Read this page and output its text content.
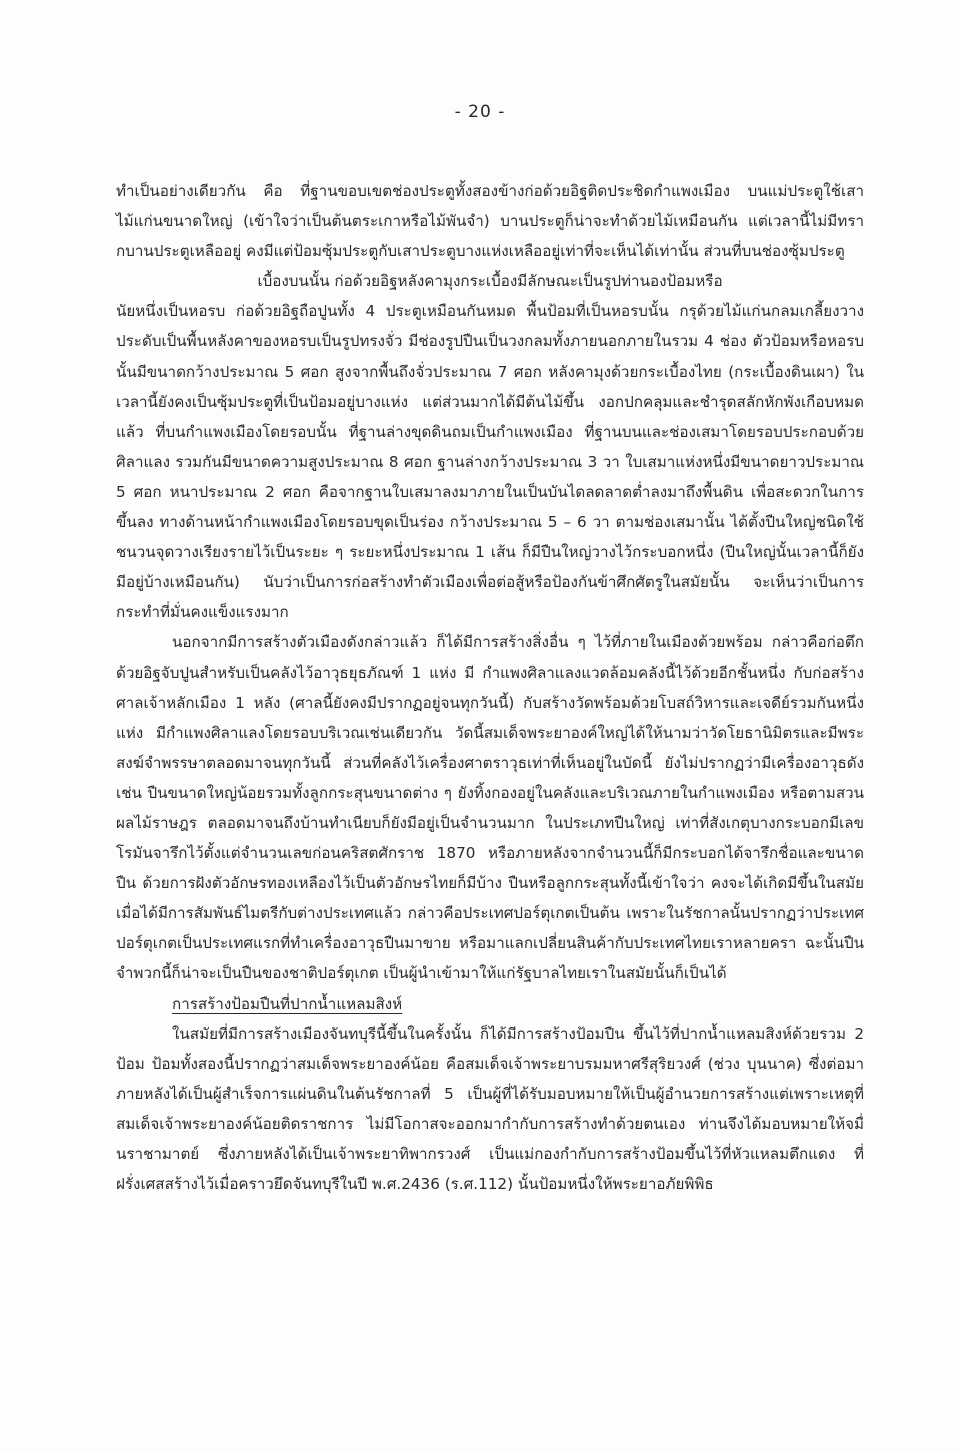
- 20 -

ทำเป็นอย่างเดียวกัน คือ ที่ฐานขอบเขตช่องประตูทั้งสองข้างก่อด้วยอิฐติดประชิดกำแพงเมือง บนแม่ประตูใช้เสาไม้แก่นขนาดใหญ่ (เข้าใจว่าเป็นต้นตระเกาหรือไม้พันจำ) บานประตูก็น่าจะทำด้วยไม้เหมือนกัน แต่เวลานี้ไม่มีทรากบานประตูเหลืออยู่ คงมีแต่ป้อมซุ้มประตูกับเสาประตูบางแห่งเหลืออยู่เท่าที่จะเห็นได้เท่านั้น ส่วนที่บนช่องซุ้มประตู

เบื้องบนนั้น ก่อด้วยอิฐหลังคามุงกระเบื้องมีลักษณะเป็นรูปท่านองป้อมหรือ

นัยหนึ่งเป็นหอรบ ก่อด้วยอิฐถือปูนทั้ง 4 ประตูเหมือนกันหมด พื้นป้อมที่เป็นหอรบนั้น กรุด้วยไม้แก่นกลมเกลี้ยงวางประดับเป็นพื้นหลังคาของหอรบเป็นรูปทรงจั่ว มีช่องรูปปืนเป็นวงกลมทั้งภายนอกภายในรวม 4 ช่อง ตัวป้อมหรือหอรบนั้นมีขนาดกว้างประมาณ 5 ศอก สูงจากพื้นถึงจั่วประมาณ 7 ศอก หลังคามุงด้วยกระเบื้องไทย (กระเบื้องดินเผา) ในเวลานี้ยังคงเป็นซุ้มประตูที่เป็นป้อมอยู่บางแห่ง แต่ส่วนมากได้มีต้นไม้ขึ้น งอกปกคลุมและชำรุดสลักหักพังเกือบหมดแล้ว ที่บนกำแพงเมืองโดยรอบนั้น ที่ฐานล่างขุดดินถมเป็นกำแพงเมือง ที่ฐานบนและช่องเสมาโดยรอบประกอบด้วยศิลาแลง รวมกันมีขนาดความสูงประมาณ 8 ศอก ฐานล่างกว้างประมาณ 3 วา ใบเสมาแห่งหนึ่งมีขนาดยาวประมาณ 5 ศอก หนาประมาณ 2 ศอก คือจากฐานใบเสมาลงมาภายในเป็นบันไดลดลาดต่ำลงมาถึงพื้นดิน เพื่อสะดวกในการขึ้นลง ทางด้านหน้ากำแพงเมืองโดยรอบขุดเป็นร่อง กว้างประมาณ 5 – 6 วา ตามช่องเสมานั้น ได้ตั้งปืนใหญ่ชนิดใช้ชนวนจุดวางเรียงรายไว้เป็นระยะ ๆ ระยะหนึ่งประมาณ 1 เส้น ก็มีปืนใหญ่วางไว้กระบอกหนึ่ง (ปืนใหญ่นั้นเวลานี้ก็ยังมีอยู่บ้างเหมือนกัน) นับว่าเป็นการก่อสร้างทำตัวเมืองเพื่อต่อสู้หรือป้องกันข้าศึกศัตรูในสมัยนั้น จะเห็นว่าเป็นการกระทำที่มั่นคงแข็งแรงมาก

นอกจากมีการสร้างตัวเมืองดังกล่าวแล้ว ก็ได้มีการสร้างสิ่งอื่น ๆ ไว้ที่ภายในเมืองด้วยพร้อม กล่าวคือก่อตึกด้วยอิฐจับปูนสำหรับเป็นคลังไว้อาวุธยุธภัณฑ์ 1 แห่ง มี กำแพงศิลาแลงแวดล้อมคลังนี้ไว้ด้วยอีกชั้นหนึ่ง กับก่อสร้างศาลเจ้าหลักเมือง 1 หลัง (ศาลนี้ยังคงมีปรากฏอยู่จนทุกวันนี้) กับสร้างวัดพร้อมด้วยโบสถ์วิหารและเจดีย์รวมกันหนึ่งแห่ง มีกำแพงศิลาแลงโดยรอบบริเวณเช่นเดียวกัน วัดนี้สมเด็จพระยาองค์ใหญ่ได้ให้นามว่าวัดโยธานิมิตรและมีพระสงฆ์จำพรรษาตลอดมาจนทุกวันนี้ ส่วนที่คลังไว้เครื่องศาตราวุธเท่าที่เห็นอยู่ในบัดนี้ ยังไม่ปรากฏว่ามีเครื่องอาวุธดังเช่น ปืนขนาดใหญ่น้อยรวมทั้งลูกกระสุนขนาดต่าง ๆ ยังทิ้งกองอยู่ในคลังและบริเวณภายในกำแพงเมือง หรือตามสวนผลไม้ราษฎร ตลอดมาจนถึงบ้านทำเนียบก็ยังมีอยู่เป็นจำนวนมาก ในประเภทปืนใหญ่ เท่าที่สังเกตุบางกระบอกมีเลขโรมันจารึกไว้ตั้งแต่จำนวนเลขก่อนคริสตศักราช 1870 หรือภายหลังจากจำนวนนี้ก็มีกระบอกได้จารึกชื่อและขนาดปืน ด้วยการฝังตัวอักษรทองเหลืองไว้เป็นตัวอักษรไทยก็มีบ้าง ปืนหรือลูกกระสุนทั้งนี้เข้าใจว่า คงจะได้เกิดมีขึ้นในสมัยเมื่อได้มีการสัมพันธ์ไมตรีกับต่างประเทศแล้ว กล่าวคือประเทศปอร์ตุเกตเป็นต้น เพราะในรัชกาลนั้นปรากฏว่าประเทศปอร์ตุเกตเป็นประเทศแรกที่ทำเครื่องอาวุธปืนมาขาย หรือมาแลกเปลี่ยนสินค้ากับประเทศไทยเราหลายครา ฉะนั้นปืนจำพวกนี้ก็น่าจะเป็นปืนของชาติปอร์ตุเกต เป็นผู้นำเข้ามาให้แก่รัฐบาลไทยเราในสมัยนั้นก็เป็นได้

การสร้างป้อมปืนที่ปากน้ำแหลมสิงห์

ในสมัยที่มีการสร้างเมืองจันทบุรีนี้ขึ้นในครั้งนั้น ก็ได้มีการสร้างป้อมปืน ขึ้นไว้ที่ปากน้ำแหลมสิงห์ด้วยรวม 2 ป้อม ป้อมทั้งสองนี้ปรากฏว่าสมเด็จพระยาองค์น้อย คือสมเด็จเจ้าพระยาบรมมหาศรีสุริยวงศ์ (ช่วง บุนนาค) ซึ่งต่อมาภายหลังได้เป็นผู้สำเร็จการแผ่นดินในต้นรัชกาลที่ 5 เป็นผู้ที่ได้รับมอบหมายให้เป็นผู้อำนวยการสร้างแต่เพราะเหตุที่สมเด็จเจ้าพระยาองค์น้อยติดราชการ ไม่มีโอกาสจะออกมากำกับการสร้างทำด้วยตนเอง ท่านจึงได้มอบหมายให้จมื่นราชามาตย์ ซึ่งภายหลังได้เป็นเจ้าพระยาทิพากรวงศ์ เป็นแม่กองกำกับการสร้างป้อมขึ้นไว้ที่หัวแหลมตึกแดง ที่ฝรั่งเศสสร้างไว้เมื่อคราวยึดจันทบุรีในปี พ.ศ.2436 (ร.ศ.112) นั้นป้อมหนึ่งให้พระยาอภัยพิพิธ
